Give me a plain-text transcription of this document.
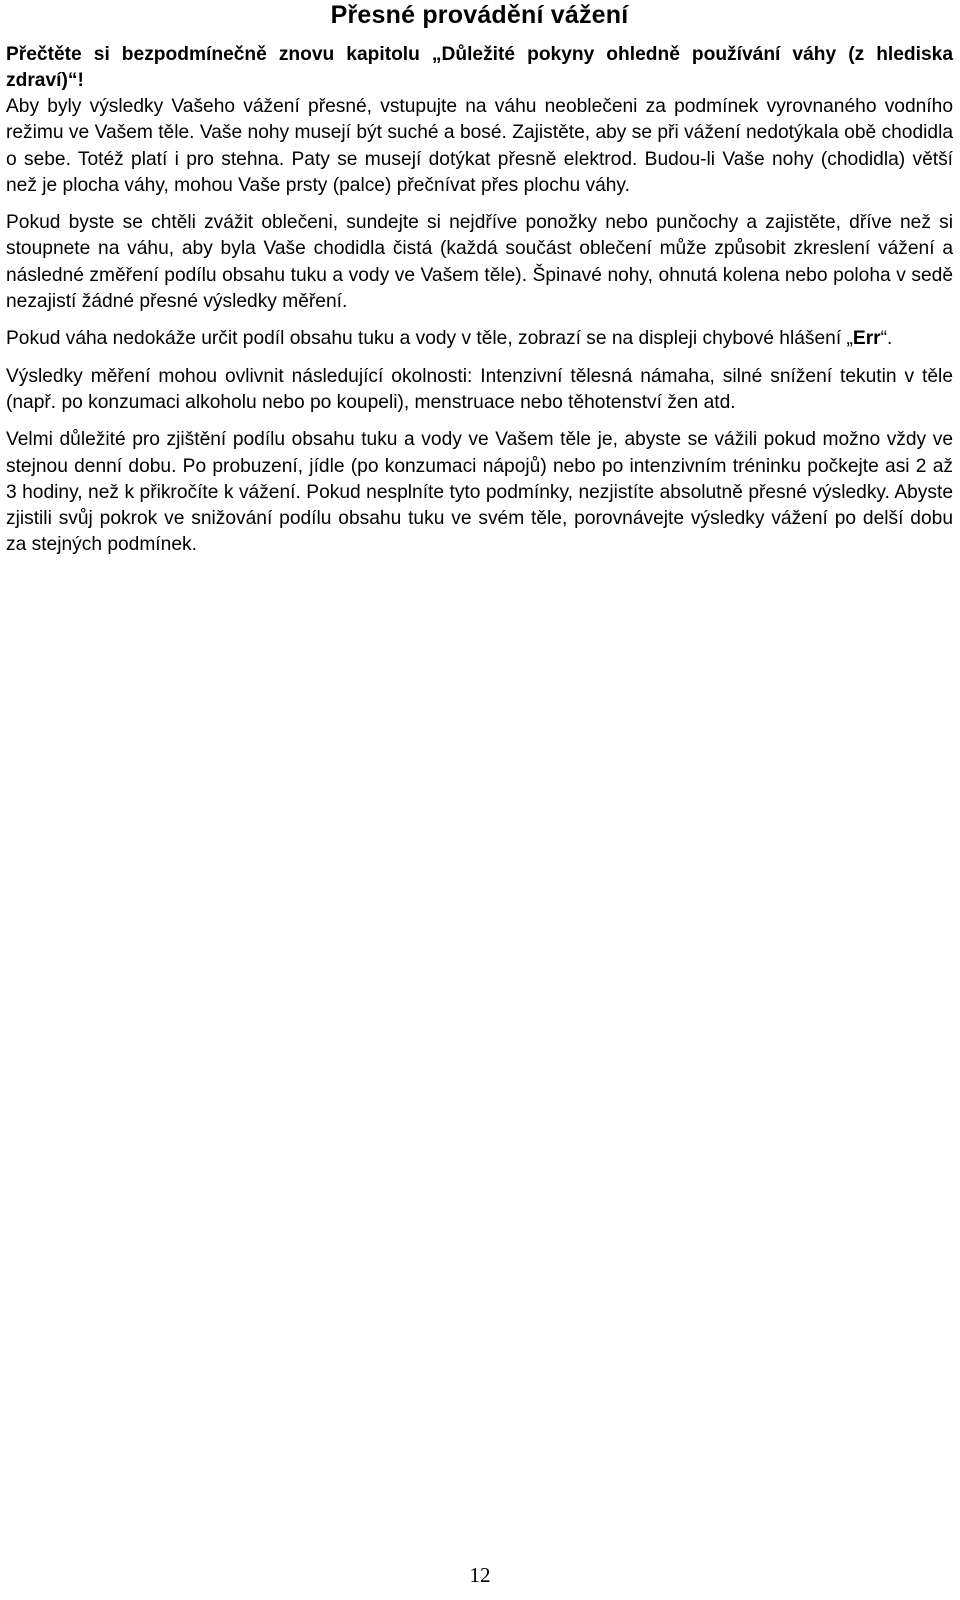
Přesné provádění vážení

Přečtěte si bezpodmínečně znovu kapitolu „Důležité pokyny ohledně používání váhy (z hlediska zdraví)“!

Aby byly výsledky Vašeho vážení přesné, vstupujte na váhu neoblečeni za podmínek vyrovnaného vodního režimu ve Vašem těle. Vaše nohy musejí být suché a bosé. Zajistěte, aby se při vážení nedotýkala obě chodidla o sebe. Totéž platí i pro stehna. Paty se musejí dotýkat přesně elektrod. Budou-li Vaše nohy (chodidla) větší než je plocha váhy, mohou Vaše prsty (palce) přečnívat přes plochu váhy.

Pokud byste se chtěli zvážit oblečeni, sundejte si nejdříve ponožky nebo punčochy a zajistěte, dříve než si stoupnete na váhu, aby byla Vaše chodidla čistá (každá součást oblečení může způsobit zkreslení vážení a následné změření podílu obsahu tuku a vody ve Vašem těle). Špinavé nohy, ohnutá kolena nebo poloha v sedě nezajistí žádné přesné výsledky měření.

Pokud váha nedokáže určit podíl obsahu tuku a vody v těle, zobrazí se na displeji chybové hlášení „Err“.

Výsledky měření mohou ovlivnit následující okolnosti: Intenzivní tělesná námaha, silné snížení tekutin v těle (např. po konzumaci alkoholu nebo po koupeli), menstruace nebo těhotenství žen atd.

Velmi důležité pro zjištění podílu obsahu tuku a vody ve Vašem těle je, abyste se vážili pokud možno vždy ve stejnou denní dobu. Po probuzení, jídle (po konzumaci nápojů) nebo po intenzivním tréninku počkejte asi 2 až 3 hodiny, než k přikročíte k vážení. Pokud nesplníte tyto podmínky, nezjistíte absolutně přesné výsledky. Abyste zjistili svůj pokrok ve snižování podílu obsahu tuku ve svém těle, porovnávejte výsledky vážení po delší dobu za stejných podmínek.

12
